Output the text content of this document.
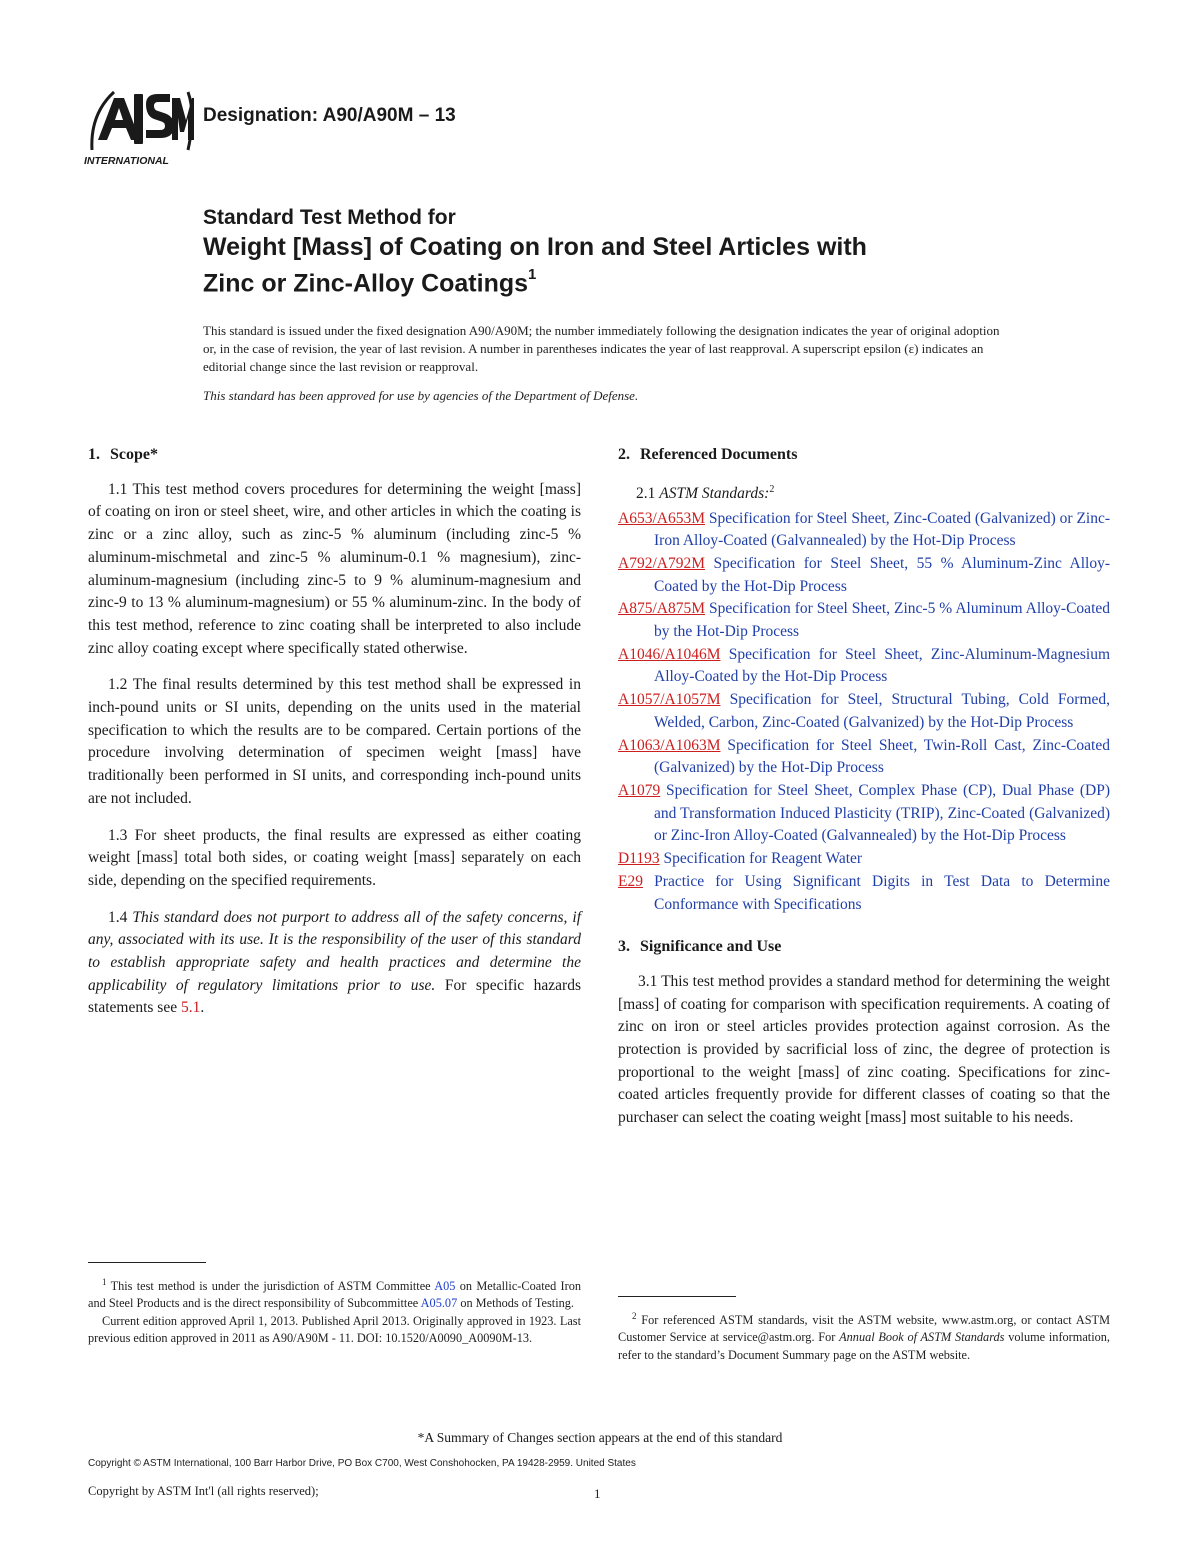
INTERNATIONAL
Designation: A90/A90M – 13
Standard Test Method for
Weight [Mass] of Coating on Iron and Steel Articles with
Zinc or Zinc-Alloy Coatings$^1$
This standard is issued under the fixed designation A90/A90M; the number immediately following the designation indicates the year of original adoption or, in the case of revision, the year of last revision. A number in parentheses indicates the year of last reapproval. A superscript epsilon (ε) indicates an editorial change since the last revision or reapproval.
This standard has been approved for use by agencies of the Department of Defense.
1. Scope*

1.1 This test method covers procedures for determining the weight [mass] of coating on iron or steel sheet, wire, and other articles in which the coating is zinc or a zinc alloy, such as zinc-5 % aluminum (including zinc-5 % aluminum-mischmetal and zinc-5 % aluminum-0.1 % magnesium), zinc-aluminum-magnesium (including zinc-5 to 9 % aluminum-magnesium and zinc-9 to 13 % aluminum-magnesium) or 55 % aluminum-zinc. In the body of this test method, reference to zinc coating shall be interpreted to also include zinc alloy coating except where specifically stated otherwise.

1.2 The final results determined by this test method shall be expressed in inch-pound units or SI units, depending on the units used in the material specification to which the results are to be compared. Certain portions of the procedure involving determination of specimen weight [mass] have traditionally been performed in SI units, and corresponding inch-pound units are not included.

1.3 For sheet products, the final results are expressed as either coating weight [mass] total both sides, or coating weight [mass] separately on each side, depending on the specified requirements.

1.4 This standard does not purport to address all of the safety concerns, if any, associated with its use. It is the responsibility of the user of this standard to establish appropriate safety and health practices and determine the applicability of regulatory limitations prior to use. For specific hazards statements see 5.1.

2. Referenced Documents
2.1 ASTM Standards:$^2$

A653/A653M Specification for Steel Sheet, Zinc-Coated (Galvanized) or Zinc-Iron Alloy-Coated (Galvannealed) by the Hot-Dip Process

A792/A792M Specification for Steel Sheet, 55 % Aluminum-Zinc Alloy-Coated by the Hot-Dip Process

A875/A875M Specification for Steel Sheet, Zinc-5 % Aluminum Alloy-Coated by the Hot-Dip Process

A1046/A1046M Specification for Steel Sheet, Zinc-Aluminum-Magnesium Alloy-Coated by the Hot-Dip Process

A1057/A1057M Specification for Steel, Structural Tubing, Cold Formed, Welded, Carbon, Zinc-Coated (Galvanized) by the Hot-Dip Process

A1063/A1063M Specification for Steel Sheet, Twin-Roll Cast, Zinc-Coated (Galvanized) by the Hot-Dip Process

A1079 Specification for Steel Sheet, Complex Phase (CP), Dual Phase (DP) and Transformation Induced Plasticity (TRIP), Zinc-Coated (Galvanized) or Zinc-Iron Alloy-Coated (Galvannealed) by the Hot-Dip Process

D1193 Specification for Reagent Water

E29 Practice for Using Significant Digits in Test Data to Determine Conformance with Specifications

3. Significance and Use

3.1 This test method provides a standard method for determining the weight [mass] of coating for comparison with specification requirements. A coating of zinc on iron or steel articles provides protection against corrosion. As the protection is provided by sacrificial loss of zinc, the degree of protection is proportional to the weight [mass] of zinc coating. Specifications for zinc-coated articles frequently provide for different classes of coating so that the purchaser can select the coating weight [mass] most suitable to his needs.

$^1$ This test method is under the jurisdiction of ASTM Committee A05 on Metallic-Coated Iron and Steel Products and is the direct responsibility of Subcommittee A05.07 on Methods of Testing.

Current edition approved April 1, 2013. Published April 2013. Originally approved in 1923. Last previous edition approved in 2011 as A90/A90M - 11. DOI: 10.1520/A0090_A0090M-13.

$^2$ For referenced ASTM standards, visit the ASTM website, www.astm.org, or contact ASTM Customer Service at service@astm.org. For Annual Book of ASTM Standards volume information, refer to the standard’s Document Summary page on the ASTM website.

*A Summary of Changes section appears at the end of this standard
Copyright © ASTM International, 100 Barr Harbor Drive, PO Box C700, West Conshohocken, PA 19428-2959. United States
Copyright by ASTM Int'l (all rights reserved);	1
